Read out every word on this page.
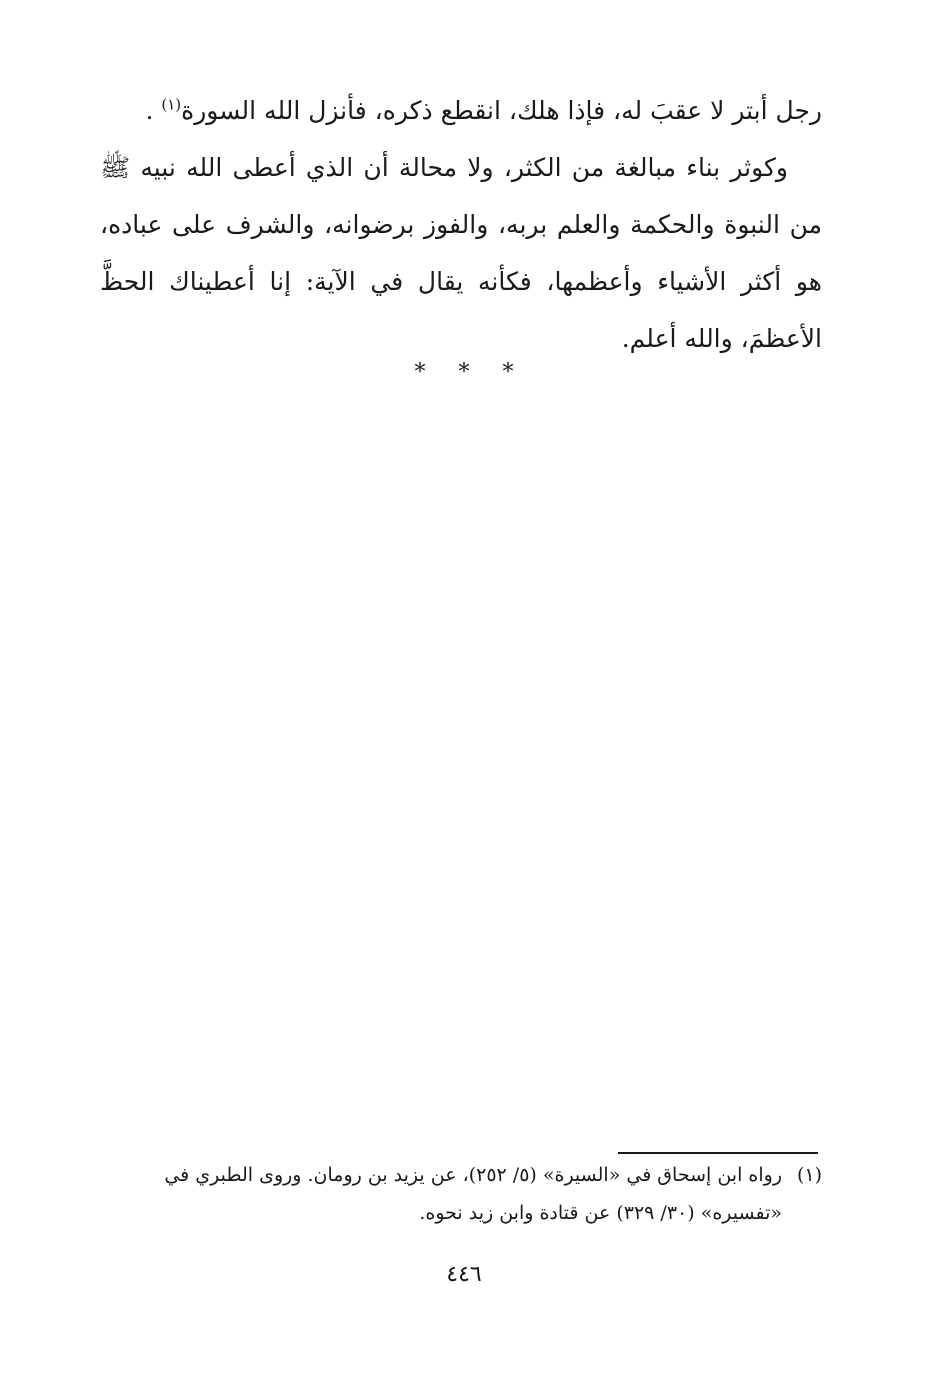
رجل أبتر لا عقبَ له، فإذا هلك، انقطع ذكره، فأنزل الله السورة$^{(١)}$ .

وكوثر بناء مبالغة من الكثر، ولا محالة أن الذي أعطى الله نبيه ﷺ من النبوة والحكمة والعلم بربه، والفوز برضوانه، والشرف على عباده، هو أكثر الأشياء وأعظمها، فكأنه يقال في الآية: إنا أعطيناك الحظَّ الأعظمَ، والله أعلم.

* * *
(١)رواه ابن إسحاق في «السيرة» (٥/ ٢٥٢)، عن يزيد بن رومان. وروى الطبري في
«تفسيره» (٣٠/ ٣٢٩) عن قتادة وابن زيد نحوه.
٤٤٦
